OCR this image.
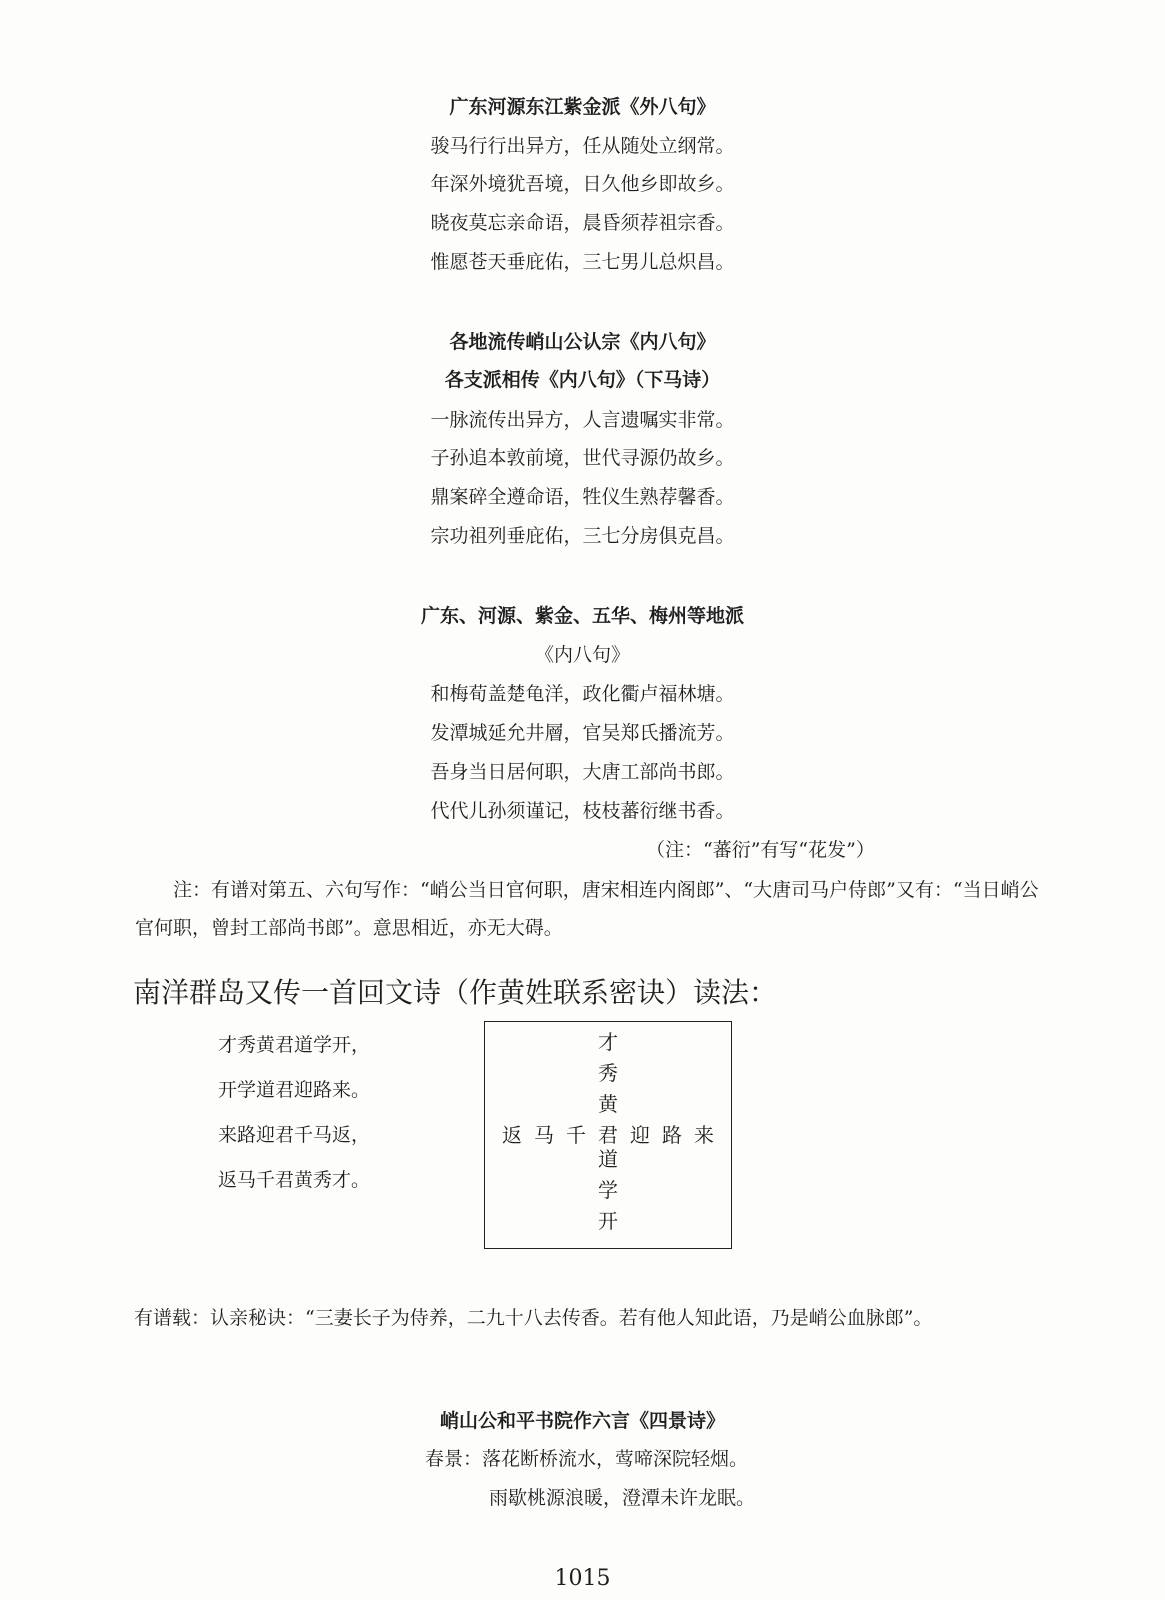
广东河源东江紫金派《外八句》
骏马行行出异方，任从随处立纲常。
年深外境犹吾境，日久他乡即故乡。
晓夜莫忘亲命语，晨昏须荐祖宗香。
惟愿苍天垂庇佑，三七男儿总炽昌。
各地流传峭山公认宗《内八句》
各支派相传《内八句》（下马诗）
一脉流传出异方，人言遗嘱实非常。
子孙追本敦前境，世代寻源仍故乡。
鼎案碎全遵命语，牲仪生熟荐馨香。
宗功祖列垂庇佑，三七分房俱克昌。
广东、河源、紫金、五华、梅州等地派
《内八句》
和梅荀盖楚龟洋，政化衢卢福林塘。
发潭城延允井層，官吴郑氏播流芳。
吾身当日居何职，大唐工部尚书郎。
代代儿孙须谨记，枝枝蕃衍继书香。
（注：“蕃衍”有写“花发”）
注：有谱对第五、六句写作：“峭公当日官何职，唐宋相连内阁郎”、“大唐司马户侍郎”又有：“当日峭公官何职，曾封工部尚书郎”。意思相近，亦无大碍。
南洋群岛又传一首回文诗（作黄姓联系密诀）读法：
才秀黄君道学开，
开学道君迎路来。
来路迎君千马返，
返马千君黄秀才。
才
秀
黄
君
道
学
开
返 马 千 迎 路 来
有谱载：认亲秘诀：“三妻长子为侍养，二九十八去传香。若有他人知此语，乃是峭公血脉郎”。
峭山公和平书院作六言《四景诗》
春景：落花断桥流水，莺啼深院轻烟。
雨歇桃源浪暖，澄潭未许龙眠。
1015
